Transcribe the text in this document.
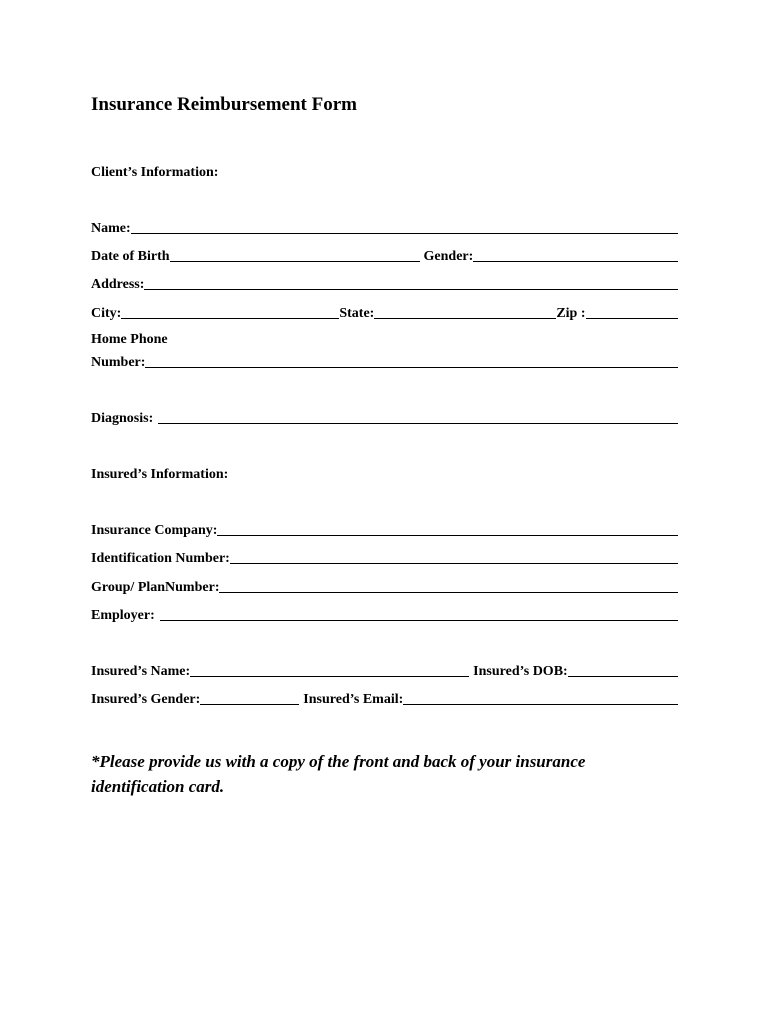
Insurance Reimbursement Form
Client’s Information:
Name:
Date of Birth	Gender:
Address:
City:	State:	Zip :
Home Phone
Number:
Diagnosis:
Insured’s Information:
Insurance Company:
Identification Number:
Group/ PlanNumber:
Employer:
Insured’s Name:	Insured’s DOB:
Insured’s Gender:	Insured’s Email:
*Please provide us with a copy of the front and back of your insurance identification card.
